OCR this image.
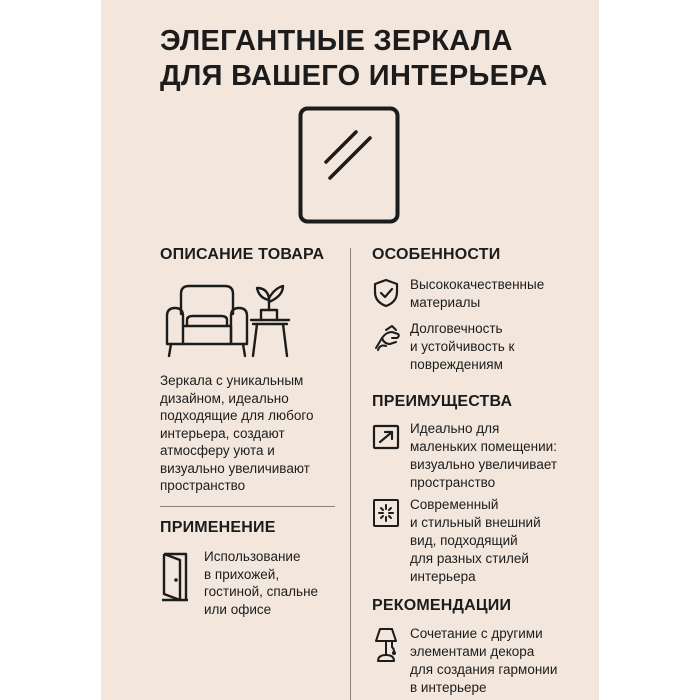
ЭЛЕГАНТНЫЕ ЗЕРКАЛА
ДЛЯ ВАШЕГО ИНТЕРЬЕРА
ОПИСАНИЕ ТОВАРА

Зеркала с уникальным
дизайном, идеально
подходящие для любого
интерьера, создают
атмосферу уюта и
визуально увеличивают
пространство

ПРИМЕНЕНИЕ

Использование
в прихожей,
гостиной, спальне
или офисе

ОСОБЕННОСТИ
Высококачественные
материалы
Долговечность
и устойчивость к
повреждениям
ПРЕИМУЩЕСТВА
Идеально для
маленьких помещении:
визуально увеличивает
пространство
Современный
и стильный внешний
вид, подходящий
для разных стилей
интерьера
РЕКОМЕНДАЦИИ
Сочетание с другими
элементами декора
для создания гармонии
в интерьере
